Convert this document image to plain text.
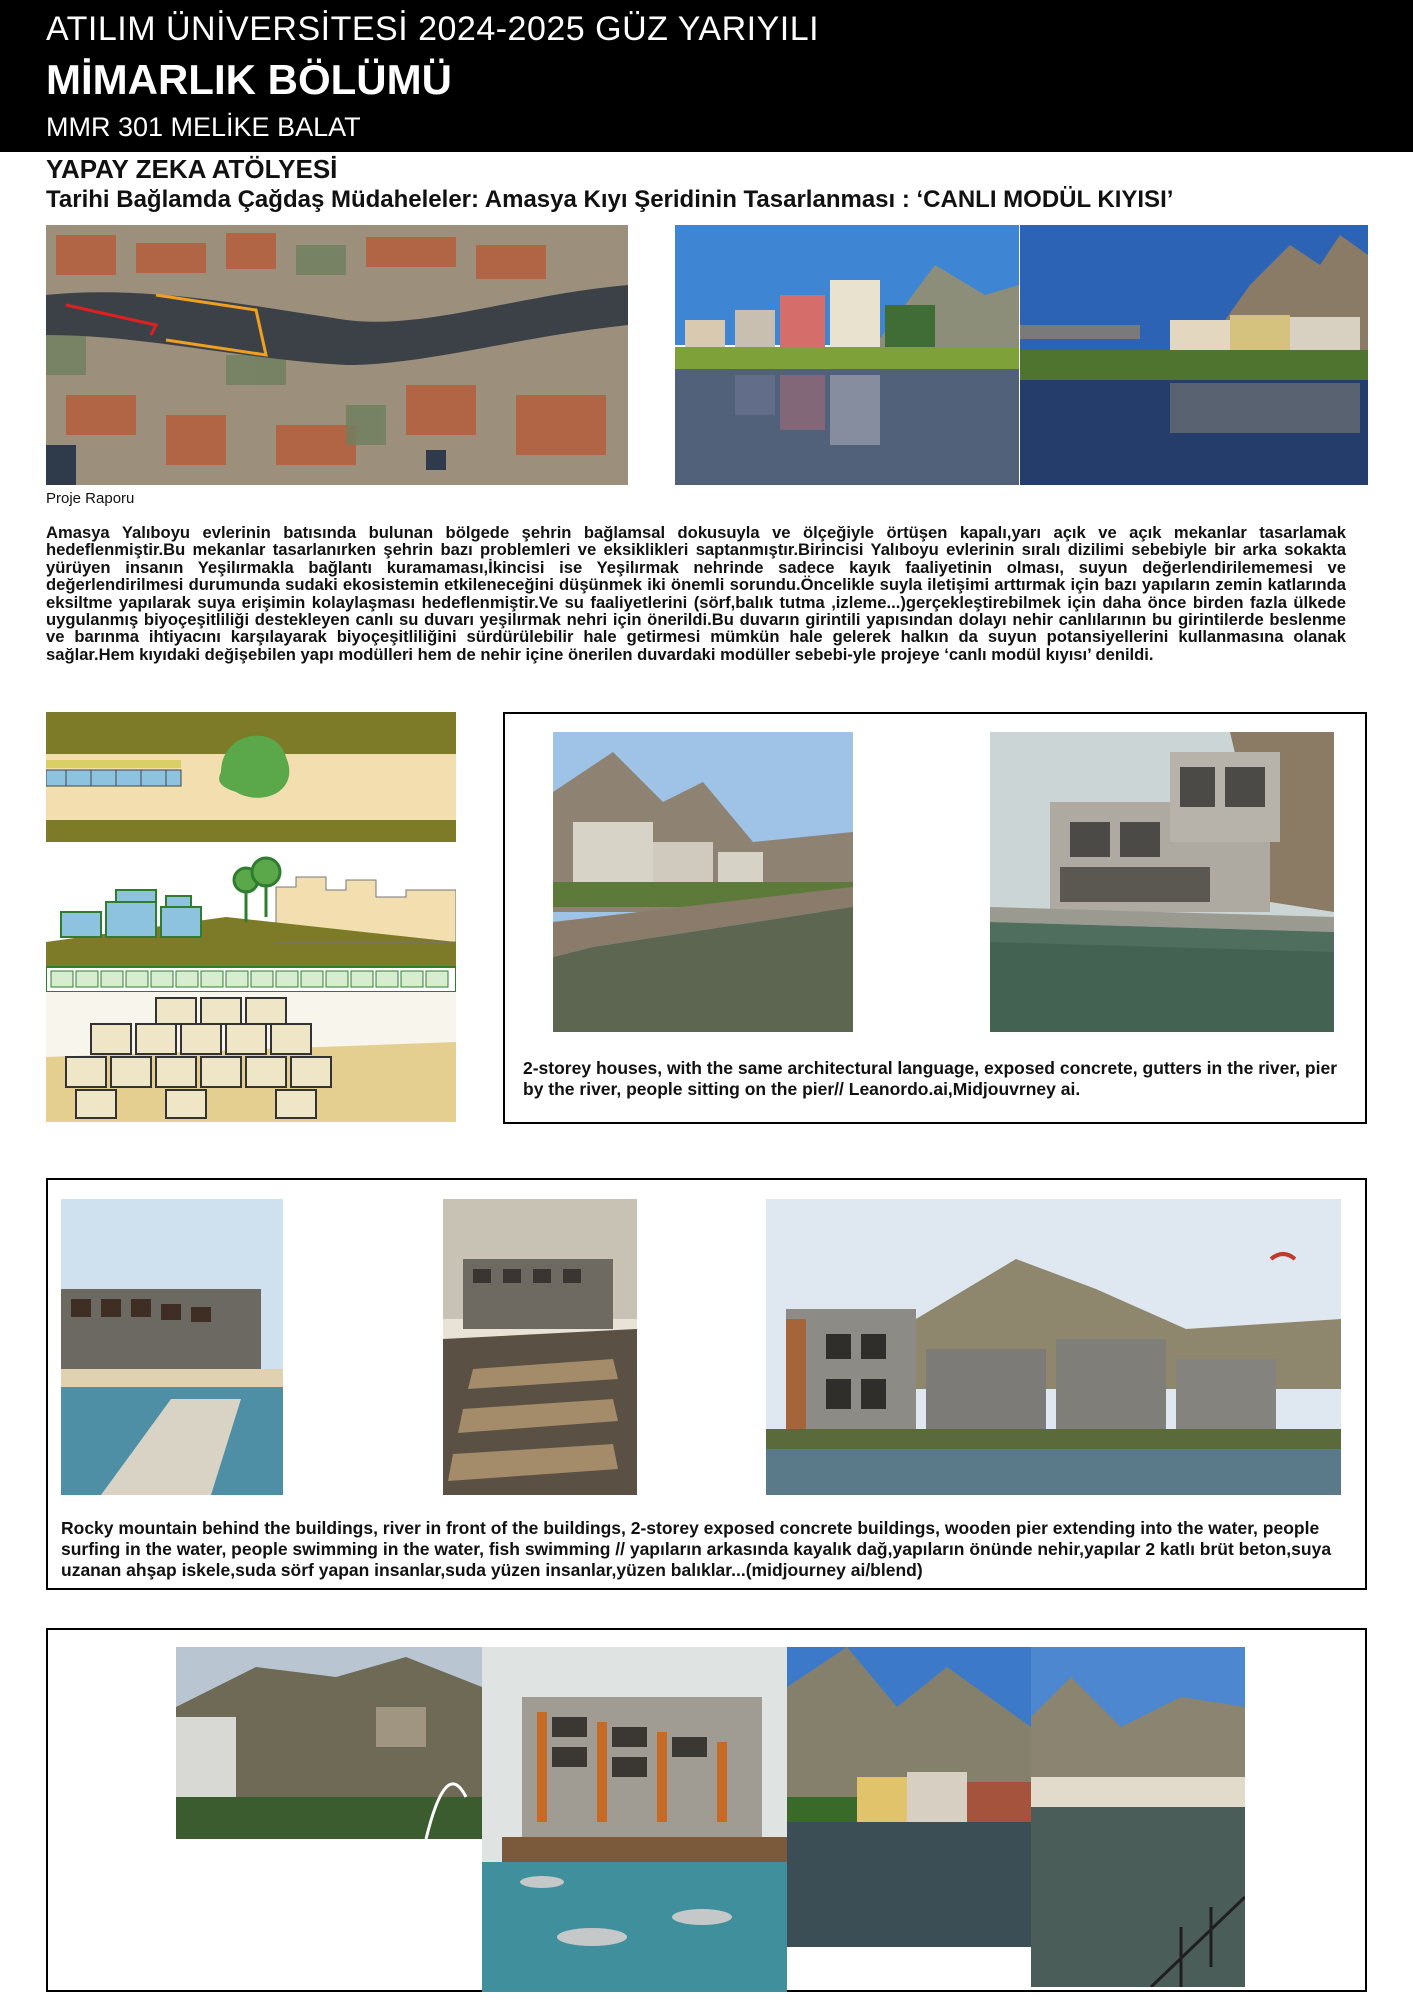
ATILIM ÜNİVERSİTESİ 2024-2025 GÜZ YARIYILI
MİMARLIK BÖLÜMÜ
MMR 301 MELİKE BALAT
YAPAY ZEKA ATÖLYESİ
Tarihi Bağlamda Çağdaş Müdaheleler: Amasya Kıyı Şeridinin Tasarlanması : ‘CANLI MODÜL KIYISI’
Proje Raporu
Amasya Yalıboyu evlerinin batısında bulunan bölgede şehrin bağlamsal dokusuyla ve ölçeğiyle örtüşen kapalı,yarı açık ve açık mekanlar tasarlamak hedeflenmiştir.Bu mekanlar tasarlanırken şehrin bazı problemleri ve eksiklikleri saptanmıştır.Birincisi Yalıboyu evlerinin sıralı dizilimi sebebiyle bir arka sokakta yürüyen insanın Yeşilırmakla bağlantı kuramaması,İkincisi ise Yeşilırmak nehrinde sadece kayık faaliyetinin olması, suyun değerlendirilememesi ve değerlendirilmesi durumunda sudaki ekosistemin etkileneceğini düşünmek iki önemli sorundu.Öncelikle suyla iletişimi arttırmak için bazı yapıların zemin katlarında eksiltme yapılarak suya erişimin kolaylaşması hedeflenmiştir.Ve su faaliyetlerini (sörf,balık tutma ,izleme...)gerçekleştirebilmek için daha önce birden fazla ülkede uygulanmış biyoçeşitliliği destekleyen canlı su duvarı yeşilırmak nehri için önerildi.Bu duvarın girintili yapısından dolayı nehir canlılarının bu girintilerde beslenme ve barınma ihtiyacını karşılayarak biyoçeşitliliğini sürdürülebilir hale getirmesi mümkün hale gelerek halkın da suyun potansiyellerini kullanmasına olanak sağlar.Hem kıyıdaki değişebilen yapı modülleri hem de nehir içine önerilen duvardaki modüller sebebi-yle projeye ‘canlı modül kıyısı’ denildi.
2-storey houses, with the same architectural language, exposed concrete, gutters in the river, pier by the river, people sitting on the pier// Leanordo.ai,Midjouvrney ai.
Rocky mountain behind the buildings, river in front of the buildings, 2-storey exposed concrete buildings, wooden pier extending into the water, people surfing in the water, people swimming in the water, fish swimming // yapıların arkasında kayalık dağ,yapıların önünde nehir,yapılar 2 katlı brüt beton,suya uzanan ahşap iskele,suda sörf yapan insanlar,suda yüzen insanlar,yüzen balıklar...(midjourney ai/blend)
